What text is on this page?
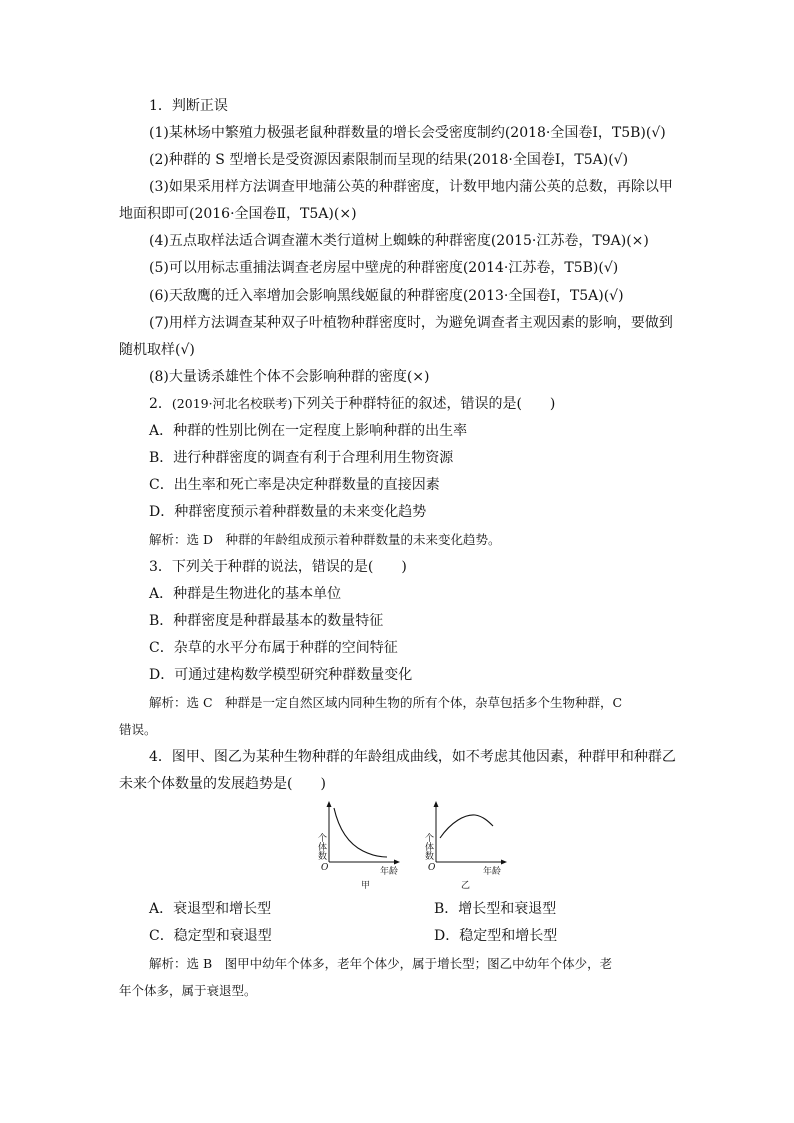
1．判断正误
(1)某林场中繁殖力极强老鼠种群数量的增长会受密度制约(2018·全国卷Ⅰ，T5B)(√)
(2)种群的 S 型增长是受资源因素限制而呈现的结果(2018·全国卷Ⅰ，T5A)(√)
(3)如果采用样方法调查甲地蒲公英的种群密度，计数甲地内蒲公英的总数，再除以甲
地面积即可(2016·全国卷Ⅱ，T5A)(×)
(4)五点取样法适合调查灌木类行道树上蜘蛛的种群密度(2015·江苏卷，T9A)(×)
(5)可以用标志重捕法调查老房屋中壁虎的种群密度(2014·江苏卷，T5B)(√)
(6)天敌鹰的迁入率增加会影响黑线姬鼠的种群密度(2013·全国卷Ⅰ，T5A)(√)
(7)用样方法调查某种双子叶植物种群密度时，为避免调查者主观因素的影响，要做到
随机取样(√)
(8)大量诱杀雄性个体不会影响种群的密度(×)
2．(2019·河北名校联考)下列关于种群特征的叙述，错误的是(　　)
A．种群的性别比例在一定程度上影响种群的出生率
B．进行种群密度的调查有利于合理利用生物资源
C．出生率和死亡率是决定种群数量的直接因素
D．种群密度预示着种群数量的未来变化趋势
解析：选 D　种群的年龄组成预示着种群数量的未来变化趋势。
3．下列关于种群的说法，错误的是(　　)
A．种群是生物进化的基本单位
B．种群密度是种群最基本的数量特征
C．杂草的水平分布属于种群的空间特征
D．可通过建构数学模型研究种群数量变化
解析：选 C　种群是一定自然区域内同种生物的所有个体，杂草包括多个生物种群，C
错误。
4．图甲、图乙为某种生物种群的年龄组成曲线，如不考虑其他因素，种群甲和种群乙
未来个体数量的发展趋势是(　　)
个体数
O	年龄
甲
个体数
O	年龄
乙
A．衰退型和增长型	B．增长型和衰退型
C．稳定型和衰退型	D．稳定型和增长型
解析：选 B　图甲中幼年个体多，老年个体少，属于增长型；图乙中幼年个体少，老
年个体多，属于衰退型。
